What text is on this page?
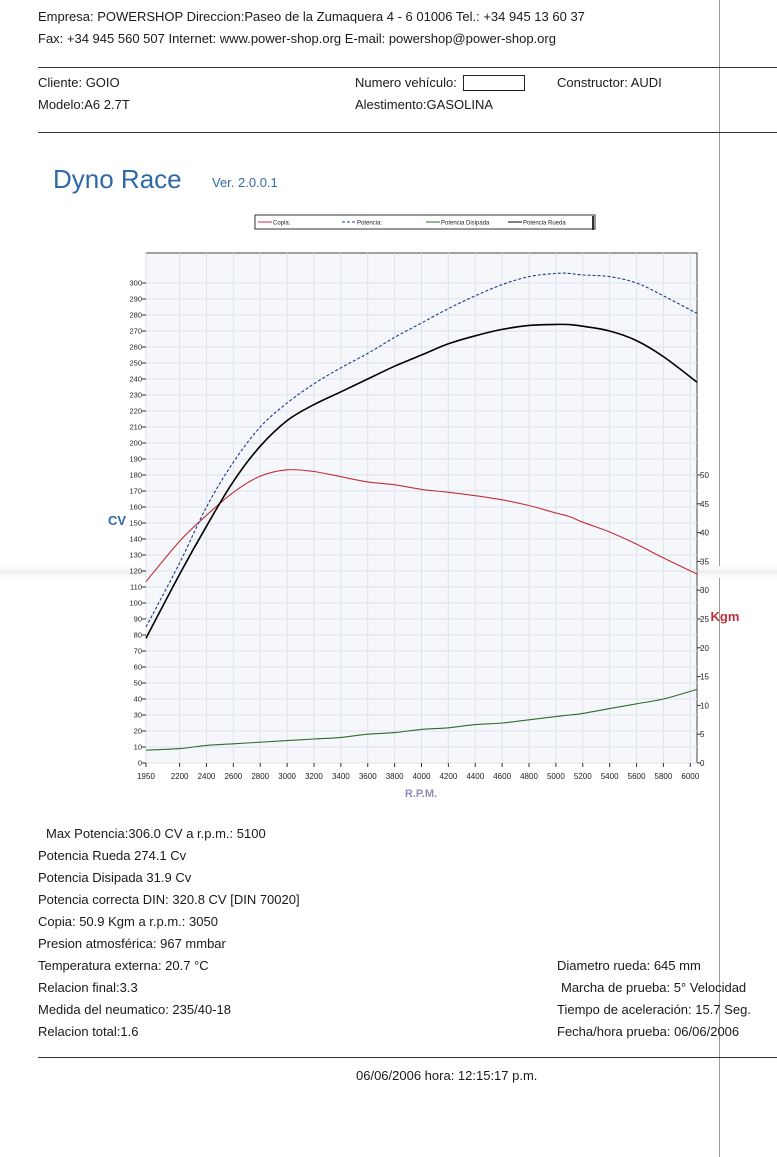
Empresa: POWERSHOP Direccion:Paseo de la Zumaquera 4 - 6 01006 Tel.: +34 945 13 60 37
Fax: +34 945 560 507 Internet: www.power-shop.org E-mail: powershop@power-shop.org
Cliente: GOIO
Modelo:A6 2.7T
Numero vehículo:
Alestimento:GASOLINA
Constructor: AUDI
Dyno Race Ver. 2.0.0.1
Copia:	Potencia:	Potencia Disipada	Potencia Rueda
0
10
20
30
40
50
60
70
80
90
100
110
120
130
140
150
160
170
180
190
200
210
220
230
240
250
260
270
280
290
300
0
5
10
15
20
25
30
35
40
45
50
1950 2200 2400 2600 2800 3000 3200 3400 3600 3800 4000 4200 4400 4600 4800 5000 5200 5400 5600 5800 6000
CV
Kgm
R.P.M.
Max Potencia:306.0 CV a r.p.m.: 5100
Potencia Rueda 274.1 Cv
Potencia Disipada 31.9 Cv
Potencia correcta DIN: 320.8 CV [DIN 70020]
Copia: 50.9 Kgm a r.p.m.: 3050
Presion atmosférica: 967 mmbar
Temperatura externa: 20.7 °C
Relacion final:3.3
Medida del neumatico: 235/40-18
Relacion total:1.6
Diametro rueda: 645 mm
Marcha de prueba: 5° Velocidad
Tiempo de aceleración: 15.7 Seg.
Fecha/hora prueba: 06/06/2006
06/06/2006 hora: 12:15:17 p.m.
